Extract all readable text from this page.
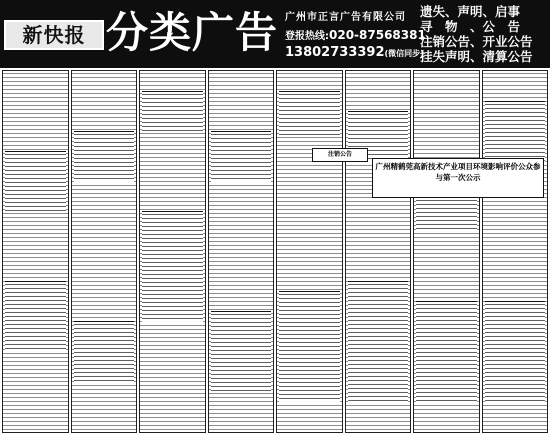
新快报 分类广告 广州市正言广告有限公司
登报热线:020-87568381
13802733392(微信同步)
遗失、声明、启事
寻　物　、公　告
注销公告、开业公告
挂失声明、清算公告
广州精鹤莞高新技术产业项目环境影响评价公众参与第一次公示
注销公告
